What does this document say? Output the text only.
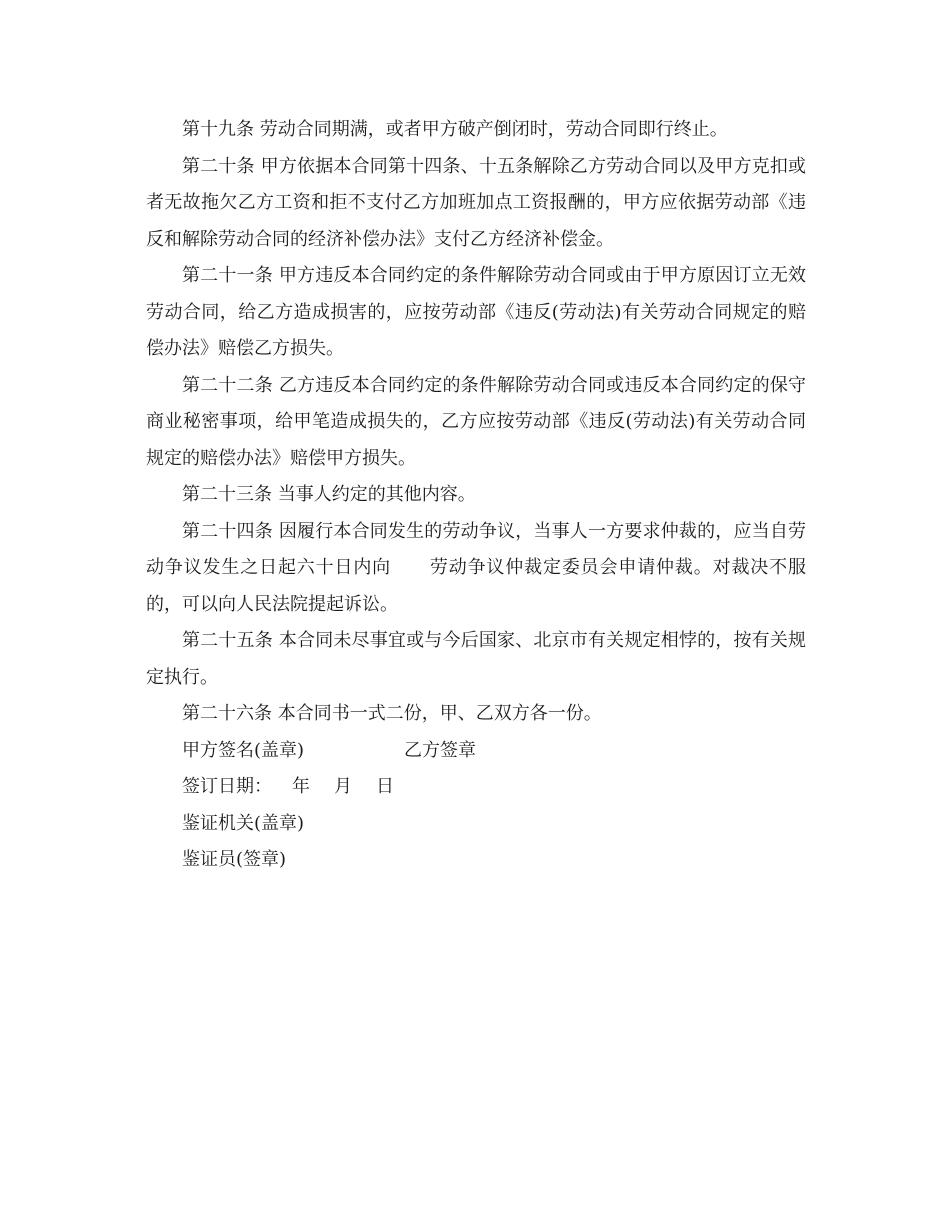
第十九条 劳动合同期满，或者甲方破产倒闭时，劳动合同即行终止。

第二十条 甲方依据本合同第十四条、十五条解除乙方劳动合同以及甲方克扣或者无故拖欠乙方工资和拒不支付乙方加班加点工资报酬的，甲方应依据劳动部《违反和解除劳动合同的经济补偿办法》支付乙方经济补偿金。

第二十一条 甲方违反本合同约定的条件解除劳动合同或由于甲方原因订立无效劳动合同，给乙方造成损害的，应按劳动部《违反(劳动法)有关劳动合同规定的赔偿办法》赔偿乙方损失。

第二十二条 乙方违反本合同约定的条件解除劳动合同或违反本合同约定的保守商业秘密事项，给甲笔造成损失的，乙方应按劳动部《违反(劳动法)有关劳动合同规定的赔偿办法》赔偿甲方损失。

第二十三条 当事人约定的其他内容。

第二十四条 因履行本合同发生的劳动争议，当事人一方要求仲裁的，应当自劳动争议发生之日起六十日内向 劳动争议仲裁定委员会申请仲裁。对裁决不服的，可以向人民法院提起诉讼。

第二十五条 本合同未尽事宜或与今后国家、北京市有关规定相悖的，按有关规定执行。

第二十六条 本合同书一式二份，甲、乙双方各一份。

甲方签名(盖章)	乙方签章

签订日期： 年 月 日

鉴证机关(盖章)

鉴证员(签章)
